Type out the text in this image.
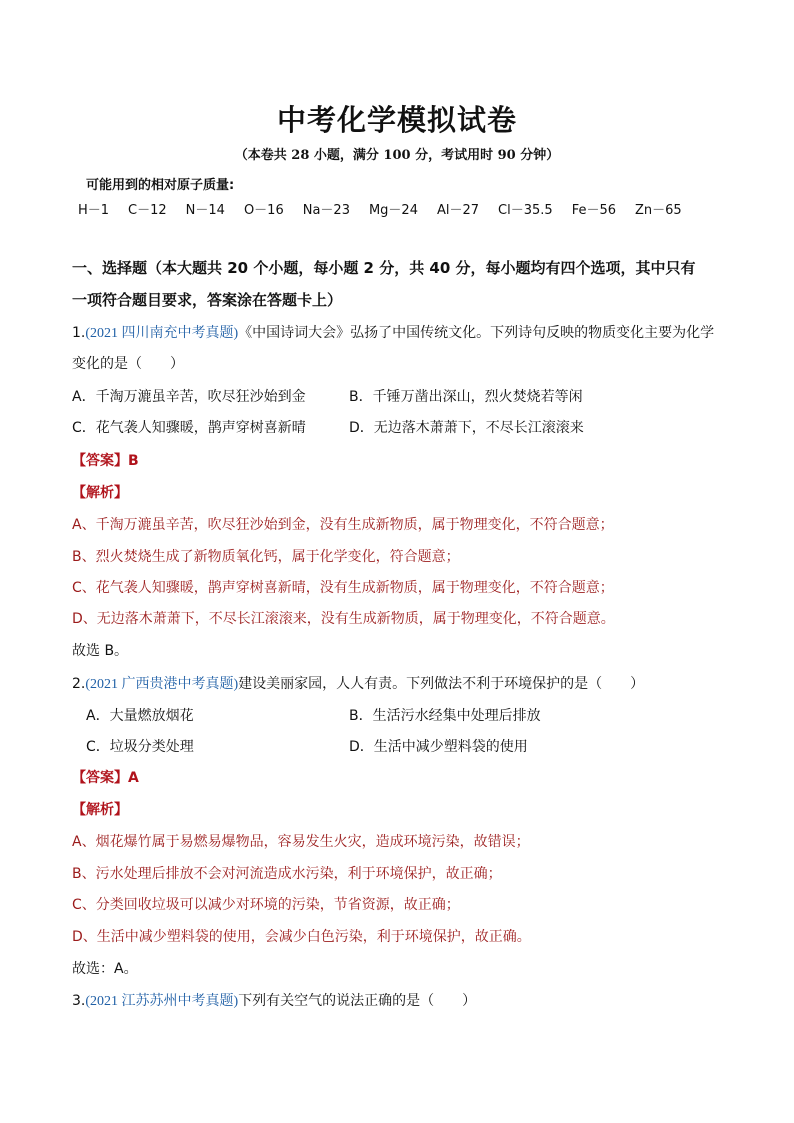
中考化学模拟试卷
（本卷共 28 小题，满分 100 分，考试用时 90 分钟）
可能用到的相对原子质量:
H－1 C－12 N－14 O－16 Na－23 Mg－24 Al－27 Cl－35.5 Fe－56 Zn－65
一、选择题（本大题共 20 个小题，每小题 2 分，共 40 分，每小题均有四个选项，其中只有
一项符合题目要求，答案涂在答题卡上）
1.(2021 四川南充中考真题)《中国诗词大会》弘扬了中国传统文化。下列诗句反映的物质变化主要为化学
变化的是（　　）
A．千淘万漉虽辛苦，吹尽狂沙始到金	B．千锤万凿出深山，烈火焚烧若等闲
C．花气袭人知骤暖，鹊声穿树喜新晴	D．无边落木萧萧下，不尽长江滚滚来
【答案】B
【解析】
A、千淘万漉虽辛苦，吹尽狂沙始到金，没有生成新物质，属于物理变化，不符合题意；
B、烈火焚烧生成了新物质氧化钙，属于化学变化，符合题意；
C、花气袭人知骤暖，鹊声穿树喜新晴，没有生成新物质，属于物理变化，不符合题意；
D、无边落木萧萧下，不尽长江滚滚来，没有生成新物质，属于物理变化，不符合题意。
故选 B。
2.(2021 广西贵港中考真题)建设美丽家园，人人有责。下列做法不利于环境保护的是（　　）
A．大量燃放烟花	B．生活污水经集中处理后排放
C．垃圾分类处理	D．生活中减少塑料袋的使用
【答案】A
【解析】
A、烟花爆竹属于易燃易爆物品，容易发生火灾，造成环境污染，故错误；
B、污水处理后排放不会对河流造成水污染，利于环境保护，故正确；
C、分类回收垃圾可以减少对环境的污染，节省资源，故正确；
D、生活中减少塑料袋的使用，会减少白色污染，利于环境保护，故正确。
故选：A。
3.(2021 江苏苏州中考真题)下列有关空气的说法正确的是（　　）
